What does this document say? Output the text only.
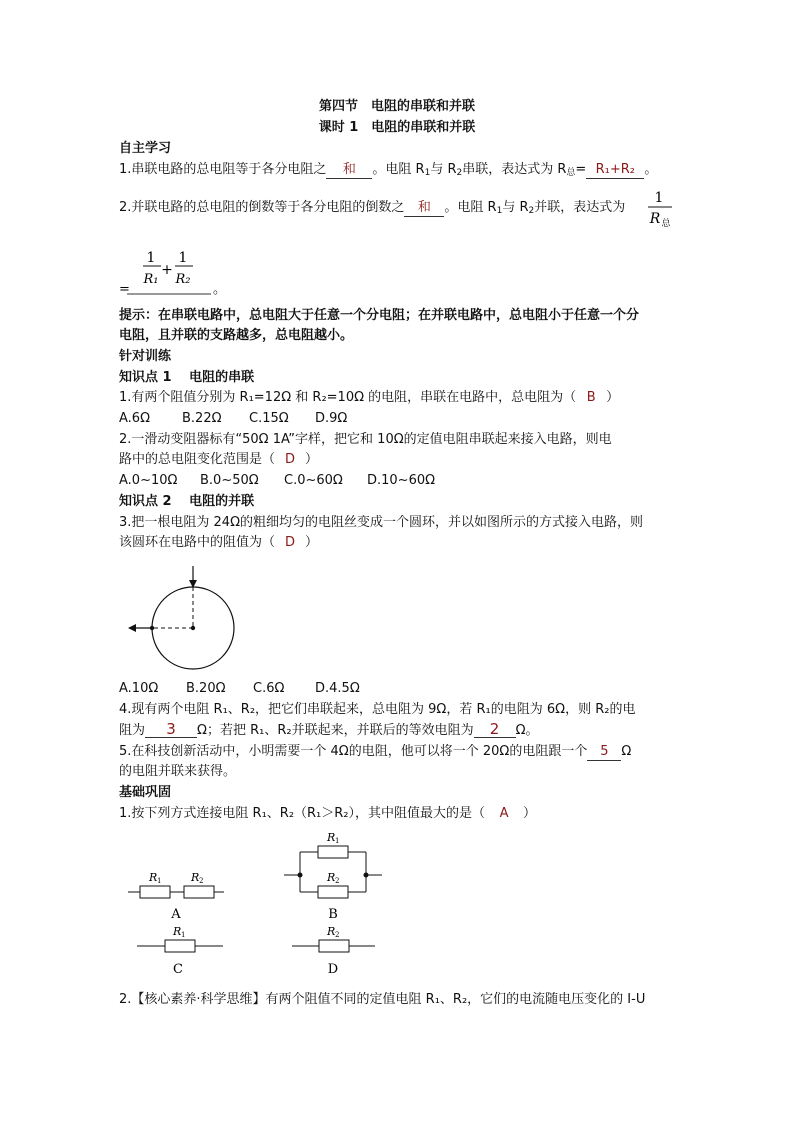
第四节　电阻的串联和并联
课时 1　电阻的串联和并联
自主学习
1.串联电路的总电阻等于各分电阻之 和 。电阻 $R_1$与 $R_2$串联，表达式为 $R_总= R_1+R_2$ 。
2.并联电路的总电阻的倒数等于各分电阻的倒数之 和 。电阻 $R_1$与 $R_2$并联，表达式为
1
R 总
=
1
R₁
+
1
R₂
。
提示：在串联电路中，总电阻大于任意一个分电阻；在并联电路中，总电阻小于任意一个分
电阻，且并联的支路越多，总电阻越小。
针对训练
知识点 1　 电阻的串联
1.有两个阻值分别为 R₁=12Ω 和 R₂=10Ω 的电阻，串联在电路中，总电阻为（ B ）
A.6Ω B.22Ω C.15Ω D.9Ω
2.一滑动变阻器标有“50Ω 1A”字样，把它和 10Ω的定值电阻串联起来接入电路，则电
路中的总电阻变化范围是（ D ）
A.0~10Ω B.0~50Ω C.0~60Ω D.10~60Ω
知识点 2　 电阻的并联
3.把一根电阻为 24Ω的粗细均匀的电阻丝变成一个圆环，并以如图所示的方式接入电路，则
该圆环在电路中的阻值为（ D ）
A.10Ω B.20Ω C.6Ω D.4.5Ω
4.现有两个电阻 R₁、R₂，把它们串联起来，总电阻为 9Ω，若 R₁的电阻为 6Ω，则 R₂的电
阻为 3 Ω；若把 R₁、R₂并联起来，并联后的等效电阻为 2 Ω。
5.在科技创新活动中，小明需要一个 4Ω的电阻，他可以将一个 20Ω的电阻跟一个 5 Ω
的电阻并联来获得。
基础巩固
1.按下列方式连接电阻 R₁、R₂（R₁＞R₂），其中阻值最大的是（ A ）
R 1	R 2
A
R 1
R 2
B
R 1
C
R 2
D
2.【核心素养·科学思维】有两个阻值不同的定值电阻 R₁、R₂，它们的电流随电压变化的 I-U
